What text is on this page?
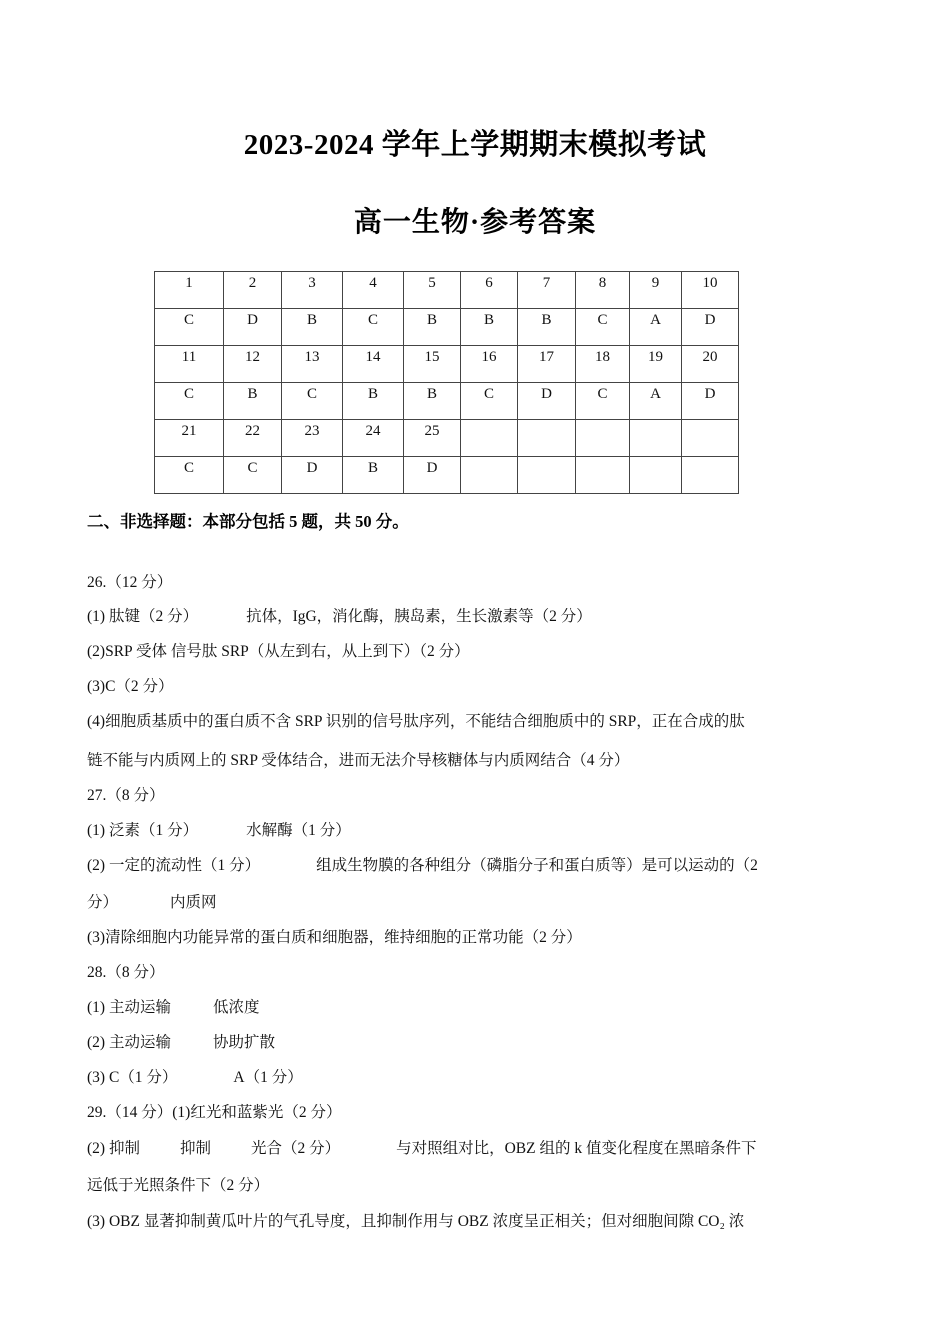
2023-2024 学年上学期期末模拟考试
高一生物·参考答案
1	2	3	4	5	6	7	8	9	10
C	D	B	C	B	B	B	C	A	D
11	12	13	14	15	16	17	18	19	20
C	B	C	B	B	C	D	C	A	D
21	22	23	24	25					
C	C	D	B	D					
二、非选择题：本部分包括 5 题，共 50 分。
26.（12 分）
(1) 肽键（2 分）	抗体，IgG，消化酶，胰岛素，生长激素等（2 分）
(2)SRP 受体 信号肽 SRP（从左到右，从上到下）（2 分）
(3)C（2 分）
(4)细胞质基质中的蛋白质不含 SRP 识别的信号肽序列，不能结合细胞质中的 SRP，正在合成的肽
链不能与内质网上的 SRP 受体结合，进而无法介导核糖体与内质网结合（4 分）
27.（8 分）
(1) 泛素（1 分）	水解酶（1 分）
(2) 一定的流动性（1 分）	组成生物膜的各种组分（磷脂分子和蛋白质等）是可以运动的（2
分）	内质网
(3)清除细胞内功能异常的蛋白质和细胞器，维持细胞的正常功能（2 分）
28.（8 分）
(1) 主动运输	低浓度
(2) 主动运输	协助扩散
(3) C（1 分）	A（1 分）
29.（14 分）(1)红光和蓝紫光（2 分）
(2) 抑制	抑制	光合（2 分）	与对照组对比，OBZ 组的 k 值变化程度在黑暗条件下
远低于光照条件下（2 分）
(3) OBZ 显著抑制黄瓜叶片的气孔导度，且抑制作用与 OBZ 浓度呈正相关；但对细胞间隙 CO₂ 浓
